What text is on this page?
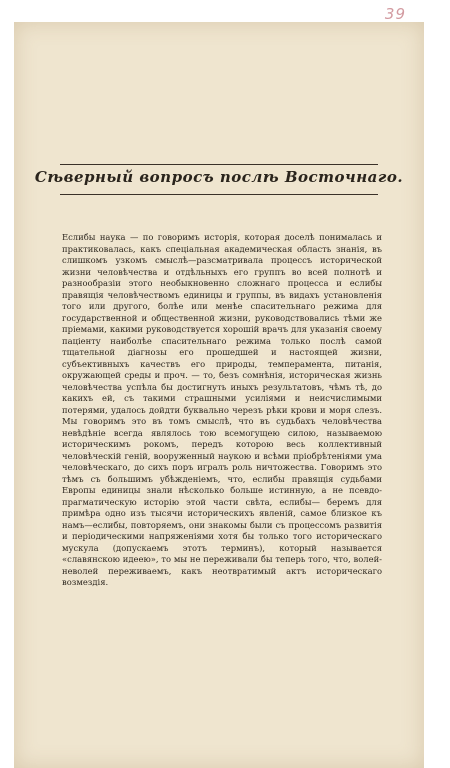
39
Сѣверный вопросъ послѣ Восточнаго.

Еслибы наука — по говоримъ исторія, которая доселѣ понималась и практиковалась, какъ спеціальная академическая область знанія, въ слишкомъ узкомъ смыслѣ—разсматривала процессъ исторической жизни человѣчества и отдѣльныхъ его группъ во всей полнотѣ и разнообразіи этого необыкновенно сложнаго процесса и еслибы правящія человѣчествомъ единицы и группы, въ видахъ установленія того или другого, болѣе или менѣе спасительнаго режима для государственной и общественной жизни, руководствовались тѣми же пріемами, какими руководствуется хорошій врачъ для указанія своему паціенту наиболѣе спасительнаго режима только послѣ самой тщательной діагнозы его прошедшей и настоящей жизни, субъективныхъ качествъ его природы, темперамента, питанія, окружающей среды и проч. — то, безъ сомнѣнія, историческая жизнь человѣчества успѣла бы достигнуть иныхъ результатовъ, чѣмъ тѣ, до какихъ ей, съ такими страшными усиліями и неисчислимыми потерями, удалось дойдти буквально черезъ рѣки крови и моря слезъ. Мы говоримъ это въ томъ смыслѣ, что въ судьбахъ человѣчества невѣдѣніе всегда являлось тою всемогущею силою, называемою историческимъ рокомъ, передъ которою весь коллективный человѣческій геній, вооруженный наукою и всѣми пріобрѣтеніями ума человѣческаго, до сихъ поръ игралъ роль ничтожества. Говоримъ это тѣмъ съ большимъ убѣжденіемъ, что, еслибы правящія судьбами Европы единицы знали нѣсколько больше истинную, а не псевдо-прагматическую исторію этой части свѣта, еслибы— беремъ для примѣра одно изъ тысячи историческихъ явленій, самое близкое къ намъ—еслибы, повторяемъ, они знакомы были съ процессомъ развитія и періодическими напряженіями хотя бы только того историческаго мускула (допускаемъ этотъ терминъ), который называется «славянскою идеею», то мы не переживали бы теперь того, что, волей-неволей переживаемъ, какъ неотвратимый актъ историческаго возмездія.
